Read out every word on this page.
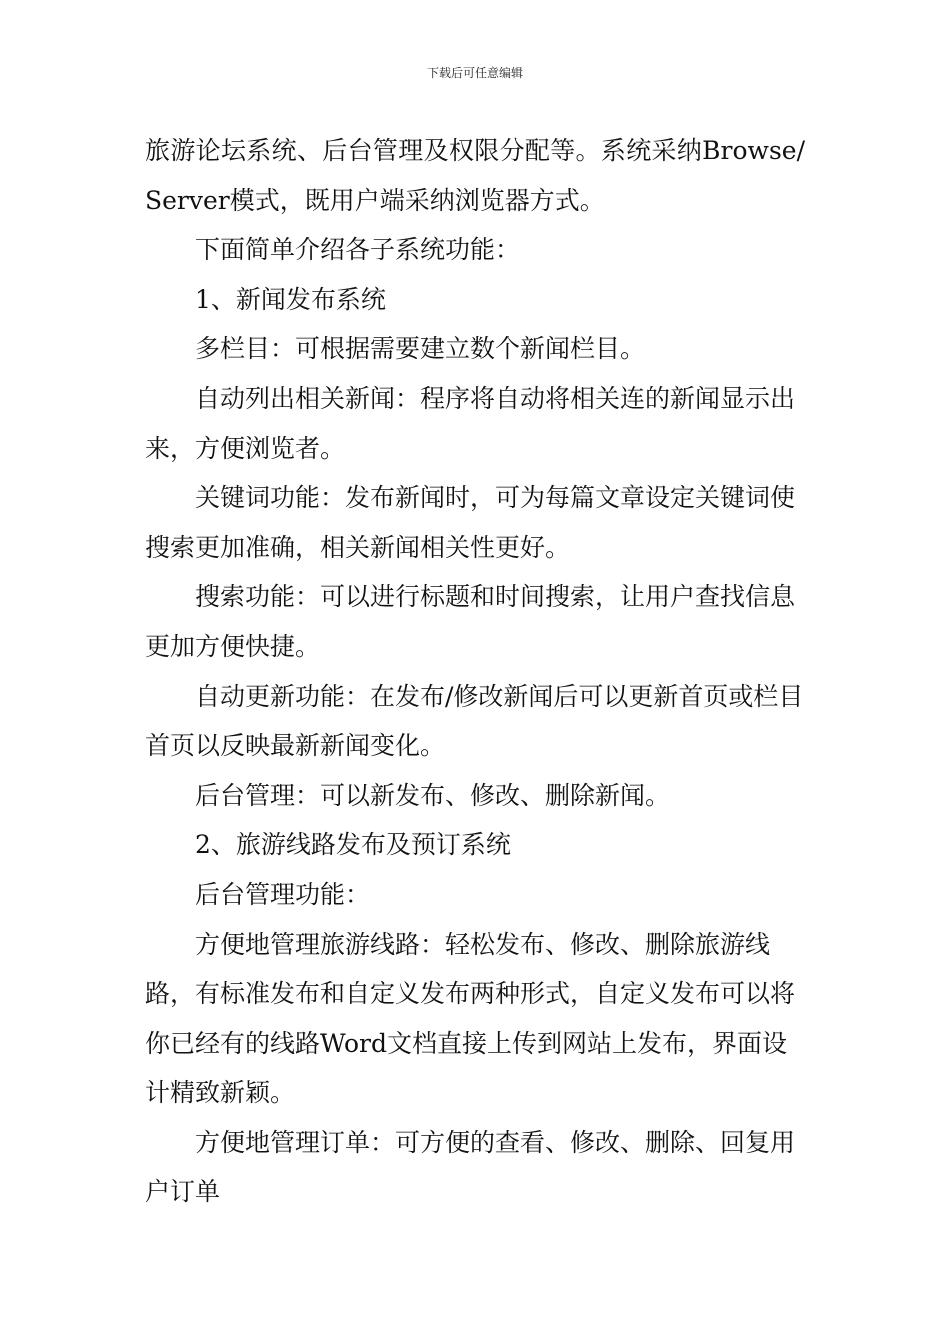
下载后可任意编辑

旅游论坛系统、后台管理及权限分配等。系统采纳Browse/Server模式，既用户端采纳浏览器方式。

下面简单介绍各子系统功能：

1、新闻发布系统

多栏目：可根据需要建立数个新闻栏目。

自动列出相关新闻：程序将自动将相关连的新闻显示出来，方便浏览者。

关键词功能：发布新闻时，可为每篇文章设定关键词使搜索更加准确，相关新闻相关性更好。

搜索功能：可以进行标题和时间搜索，让用户查找信息更加方便快捷。

自动更新功能：在发布/修改新闻后可以更新首页或栏目首页以反映最新新闻变化。

后台管理：可以新发布、修改、删除新闻。

2、旅游线路发布及预订系统

后台管理功能：

方便地管理旅游线路：轻松发布、修改、删除旅游线路，有标准发布和自定义发布两种形式，自定义发布可以将你已经有的线路Word文档直接上传到网站上发布，界面设计精致新颖。

方便地管理订单：可方便的查看、修改、删除、回复用户订单
